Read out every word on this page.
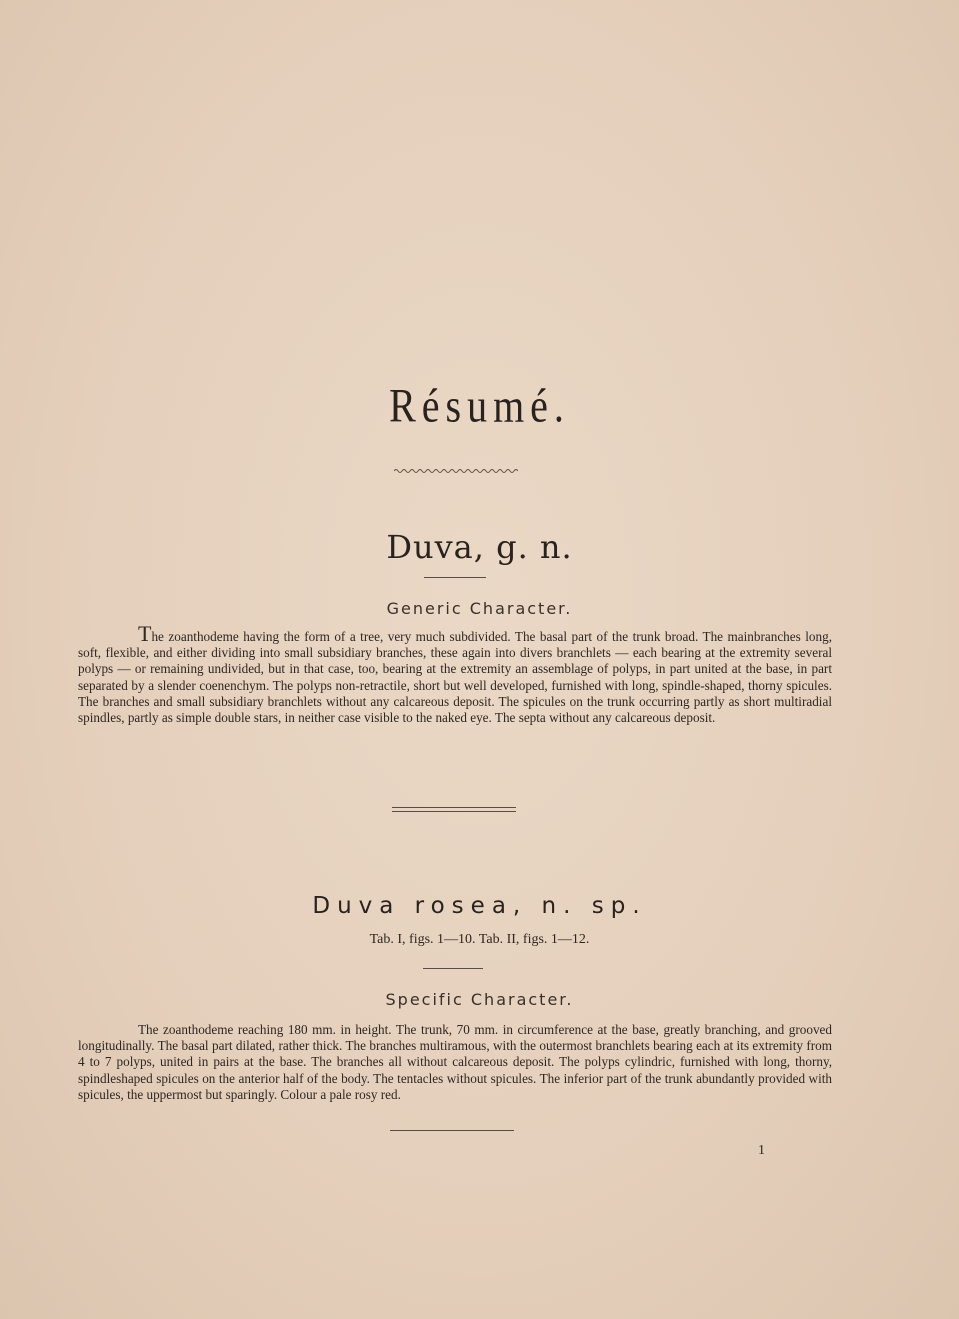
Résumé.
Duva, g. n.
Generic Character.
The zoanthodeme having the form of a tree, very much subdivided. The basal part of the trunk broad. The mainbranches long, soft, flexible, and either dividing into small subsidiary branches, these again into divers branchlets — each bearing at the extremity several polyps — or remaining undivided, but in that case, too, bearing at the extremity an assemblage of polyps, in part united at the base, in part separated by a slender coenenchym. The polyps non-retractile, short but well developed, furnished with long, spindle-shaped, thorny spicules. The branches and small subsidiary branchlets without any calcareous deposit. The spicules on the trunk occurring partly as short multiradial spindles, partly as simple double stars, in neither case visible to the naked eye. The septa without any calcareous deposit.
Duva rosea, n. sp.
Tab. I, figs. 1—10. Tab. II, figs. 1—12.
Specific Character.
The zoanthodeme reaching 180 mm. in height. The trunk, 70 mm. in circumference at the base, greatly branching, and grooved longitudinally. The basal part dilated, rather thick. The branches multiramous, with the outermost branchlets bearing each at its extremity from 4 to 7 polyps, united in pairs at the base. The branches all without calcareous deposit. The polyps cylindric, furnished with long, thorny, spindleshaped spicules on the anterior half of the body. The tentacles without spicules. The inferior part of the trunk abundantly provided with spicules, the uppermost but sparingly. Colour a pale rosy red.
1
